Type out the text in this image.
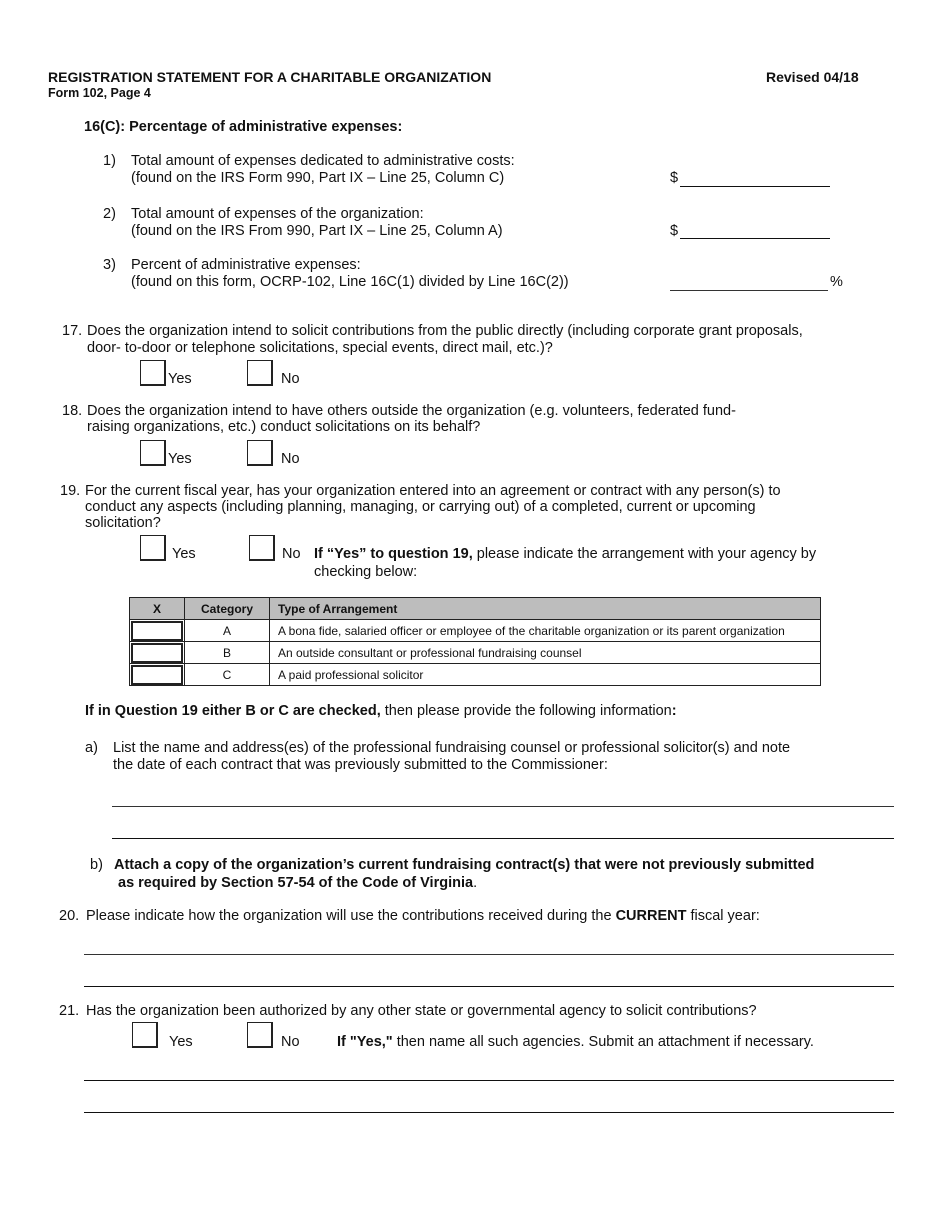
REGISTRATION STATEMENT FOR A CHARITABLE ORGANIZATION
Form 102, Page 4
Revised 04/18
16(C): Percentage of administrative expenses:
1) Total amount of expenses dedicated to administrative costs:
(found on the IRS Form 990, Part IX – Line 25, Column C)	$
2) Total amount of expenses of the organization:
(found on the IRS From 990, Part IX – Line 25, Column A)	$
3) Percent of administrative expenses:
(found on this form, OCRP-102, Line 16C(1) divided by Line 16C(2))	%
17. Does the organization intend to solicit contributions from the public directly (including corporate grant proposals,
door- to-door or telephone solicitations, special events, direct mail, etc.)?
Yes	No
18. Does the organization intend to have others outside the organization (e.g. volunteers, federated fund-
raising organizations, etc.) conduct solicitations on its behalf?
Yes	No
19. For the current fiscal year, has your organization entered into an agreement or contract with any person(s) to
conduct any aspects (including planning, managing, or carrying out) of a completed, current or upcoming
solicitation?
Yes	No If “Yes” to question 19, please indicate the arrangement with your agency by
checking below:
X	Category	Type of Arrangement

	A	A bona fide, salaried officer or employee of the charitable organization or its parent organization

	B	An outside consultant or professional fundraising counsel

	C	A paid professional solicitor
If in Question 19 either B or C are checked, then please provide the following information:
a) List the name and address(es) of the professional fundraising counsel or professional solicitor(s) and note
the date of each contract that was previously submitted to the Commissioner:
b) Attach a copy of the organization’s current fundraising contract(s) that were not previously submitted
as required by Section 57-54 of the Code of Virginia.
20. Please indicate how the organization will use the contributions received during the CURRENT fiscal year:
21. Has the organization been authorized by any other state or governmental agency to solicit contributions?
Yes	No	If "Yes," then name all such agencies. Submit an attachment if necessary.
